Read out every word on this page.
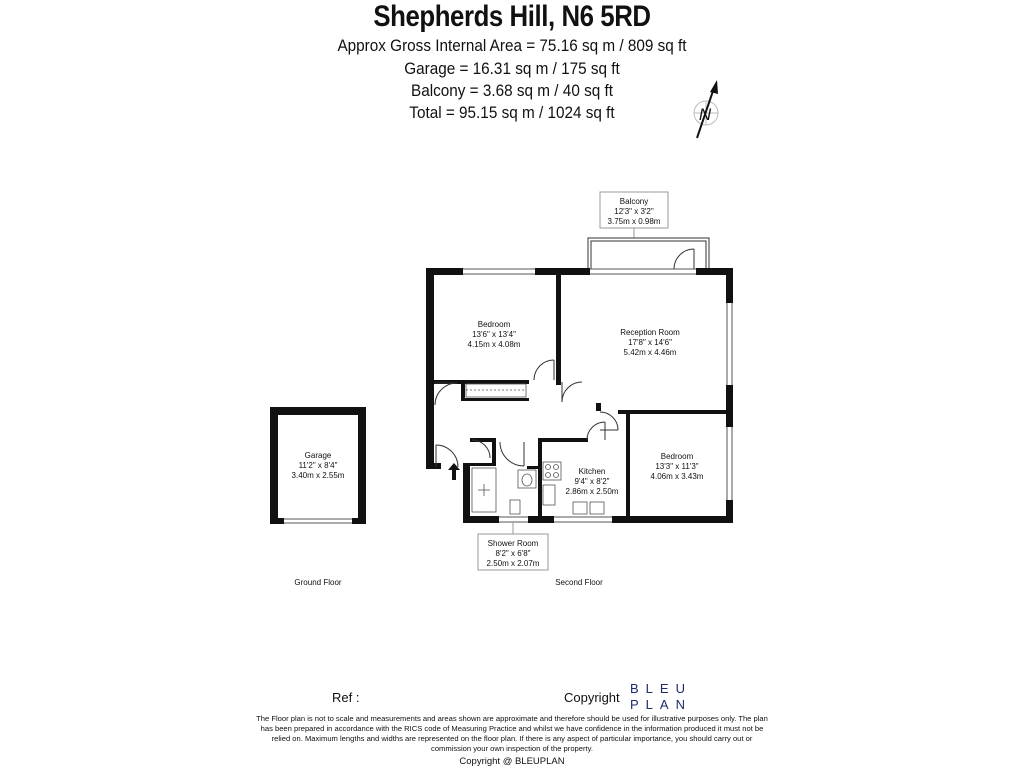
Shepherds Hill, N6 5RD
Approx Gross Internal Area = 75.16 sq m / 809 sq ft
Garage = 16.31 sq m / 175 sq ft
Balcony = 3.68 sq m / 40 sq ft
Total = 95.15 sq m / 1024 sq ft	N
Balcony
12'3" x 3'2"
3.75m x 0.98m
Bedroom
13'6" x 13'4"
4.15m x 4.08m
Reception Room
17'8" x 14'6"
5.42m x 4.46m
Bedroom
13'3" x 11'3"
4.06m x 3.43m
Kitchen
9'4" x 8'2"
2.86m x 2.50m
Shower Room
8'2" x 6'8"
2.50m x 2.07m
Garage
11'2" x 8'4"
3.40m x 2.55m
Ground Floor	Second Floor
Ref :	Copyright
BLEU
PLAN
The Floor plan is not to scale and measurements and areas shown are approximate and therefore should be used for illustrative purposes only. The plan has been prepared in accordance with the RICS code of Measuring Practice and whilst we have confidence in the information produced it must not be relied on. Maximum lengths and widths are represented on the floor plan. If there is any aspect of particular importance, you should carry out or commission your own inspection of the property.
Copyright @ BLEUPLAN
